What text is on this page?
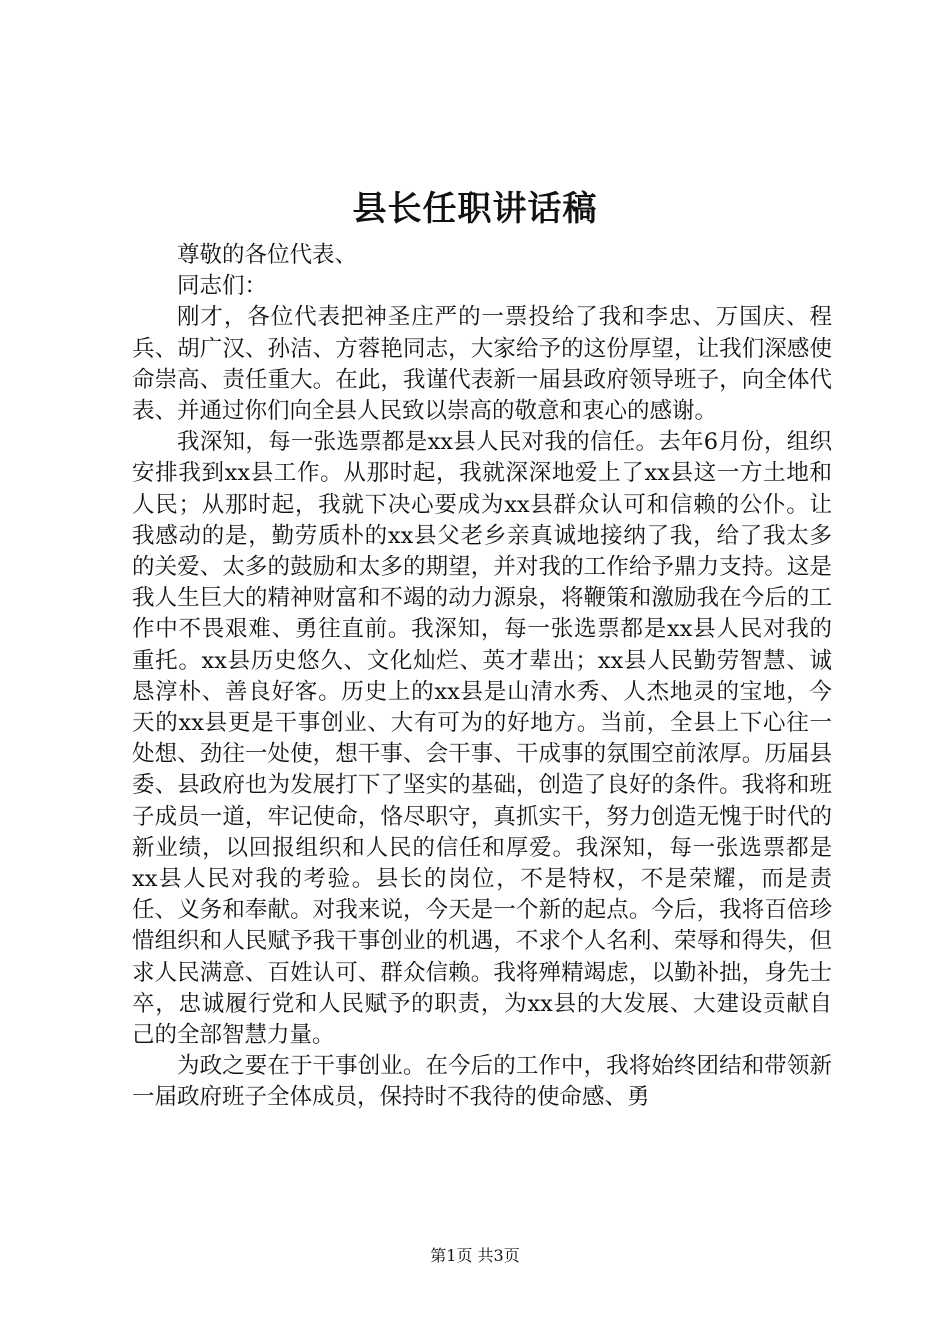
县长任职讲话稿

尊敬的各位代表、

同志们：

刚才，各位代表把神圣庄严的一票投给了我和李忠、万国庆、程兵、胡广汉、孙洁、方蓉艳同志，大家给予的这份厚望，让我们深感使命崇高、责任重大。在此，我谨代表新一届县政府领导班子，向全体代表、并通过你们向全县人民致以崇高的敬意和衷心的感谢。

我深知，每一张选票都是xx县人民对我的信任。去年6月份，组织安排我到xx县工作。从那时起，我就深深地爱上了xx县这一方土地和人民；从那时起，我就下决心要成为xx县群众认可和信赖的公仆。让我感动的是，勤劳质朴的xx县父老乡亲真诚地接纳了我，给了我太多的关爱、太多的鼓励和太多的期望，并对我的工作给予鼎力支持。这是我人生巨大的精神财富和不竭的动力源泉，将鞭策和激励我在今后的工作中不畏艰难、勇往直前。我深知，每一张选票都是xx县人民对我的重托。xx县历史悠久、文化灿烂、英才辈出；xx县人民勤劳智慧、诚恳淳朴、善良好客。历史上的xx县是山清水秀、人杰地灵的宝地，今天的xx县更是干事创业、大有可为的好地方。当前，全县上下心往一处想、劲往一处使，想干事、会干事、干成事的氛围空前浓厚。历届县委、县政府也为发展打下了坚实的基础，创造了良好的条件。我将和班子成员一道，牢记使命，恪尽职守，真抓实干，努力创造无愧于时代的新业绩，以回报组织和人民的信任和厚爱。我深知，每一张选票都是xx县人民对我的考验。县长的岗位，不是特权，不是荣耀，而是责任、义务和奉献。对我来说，今天是一个新的起点。今后，我将百倍珍惜组织和人民赋予我干事创业的机遇，不求个人名利、荣辱和得失，但求人民满意、百姓认可、群众信赖。我将殚精竭虑，以勤补拙，身先士卒，忠诚履行党和人民赋予的职责，为xx县的大发展、大建设贡献自己的全部智慧力量。

为政之要在于干事创业。在今后的工作中，我将始终团结和带领新一届政府班子全体成员，保持时不我待的使命感、勇

第1页 共3页
